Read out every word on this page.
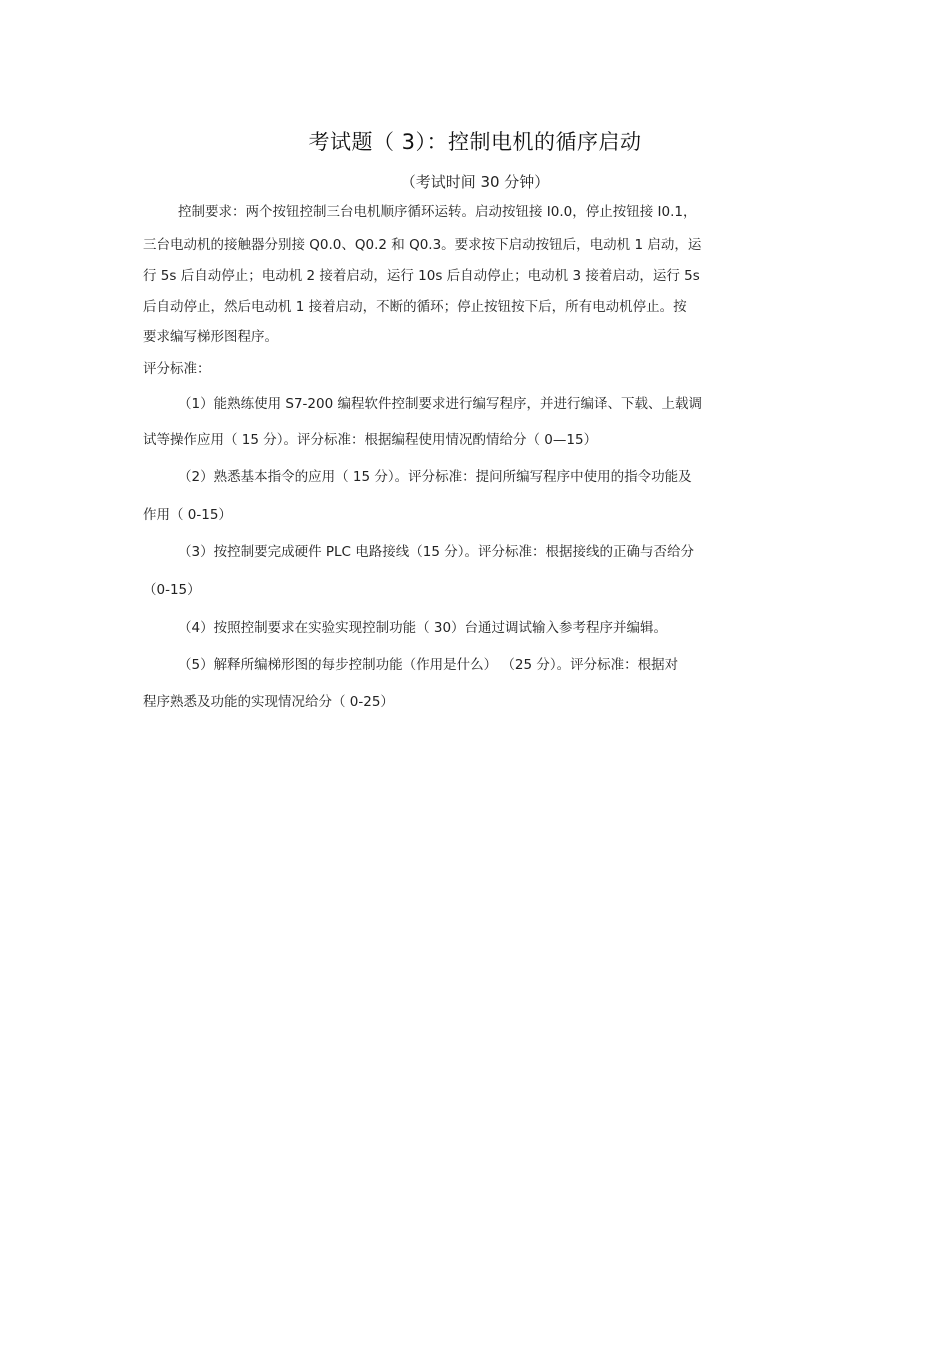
考试题（ 3）：控制电机的循序启动
（考试时间 30 分钟）
控制要求：两个按钮控制三台电机顺序循环运转。启动按钮接 I0.0，停止按钮接 I0.1，
三台电动机的接触器分别接 Q0.0、Q0.2 和 Q0.3。要求按下启动按钮后，电动机 1 启动，运
行 5s 后自动停止；电动机 2 接着启动，运行 10s 后自动停止；电动机 3 接着启动，运行 5s
后自动停止，然后电动机 1 接着启动，不断的循环；停止按钮按下后，所有电动机停止。按
要求编写梯形图程序。
评分标准：
（1）能熟练使用 S7-200 编程软件控制要求进行编写程序，并进行编译、下载、上载调
试等操作应用（ 15 分）。评分标准：根据编程使用情况酌情给分（ 0—15）
（2）熟悉基本指令的应用（ 15 分）。评分标准：提问所编写程序中使用的指令功能及
作用（ 0-15）
（3）按控制要完成硬件 PLC 电路接线（15 分）。评分标准：根据接线的正确与否给分
（0-15）
（4）按照控制要求在实验实现控制功能（ 30）台通过调试输入参考程序并编辑。
（5）解释所编梯形图的每步控制功能（作用是什么） （25 分）。评分标准：根据对
程序熟悉及功能的实现情况给分（ 0-25）
